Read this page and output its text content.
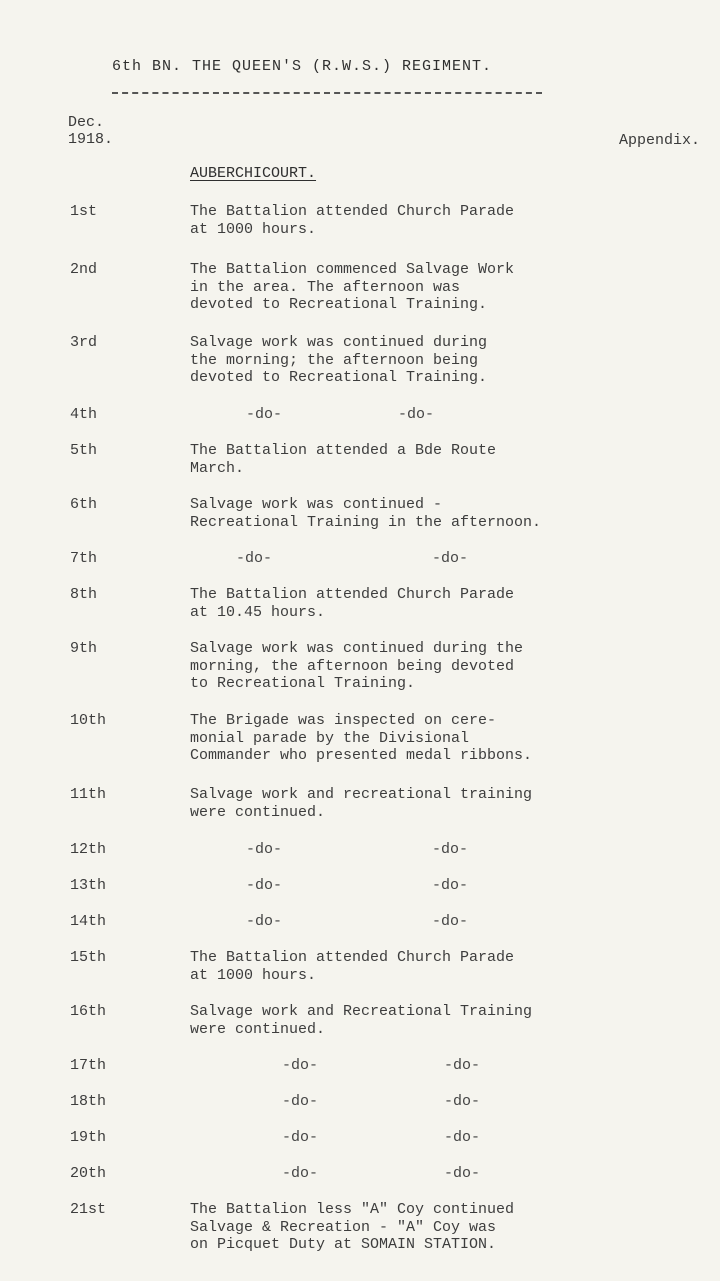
6th BN. THE QUEEN'S (R.W.S.) REGIMENT.
Dec.
1918.	Appendix.
AUBERCHICOURT.
1st	The Battalion attended Church Parade
at 1000 hours.
2nd	The Battalion commenced Salvage Work
in the area. The afternoon was
devoted to Recreational Training.
3rd	Salvage work was continued during
the morning; the afternoon being
devoted to Recreational Training.
4th	-do-	-do-
5th	The Battalion attended a Bde Route
March.
6th	Salvage work was continued -
Recreational Training in the afternoon.
7th	-do-	-do-
8th	The Battalion attended Church Parade
at 10.45 hours.
9th	Salvage work was continued during the
morning, the afternoon being devoted
to Recreational Training.
10th	The Brigade was inspected on cere-
monial parade by the Divisional
Commander who presented medal ribbons.
11th	Salvage work and recreational training
were continued.
12th	-do-	-do-
13th	-do-	-do-
14th	-do-	-do-
15th	The Battalion attended Church Parade
at 1000 hours.
16th	Salvage work and Recreational Training
were continued.
17th	-do-	-do-
18th	-do-	-do-
19th	-do-	-do-
20th	-do-	-do-
21st	The Battalion less "A" Coy continued
Salvage & Recreation - "A" Coy was
on Picquet Duty at SOMAIN STATION.
